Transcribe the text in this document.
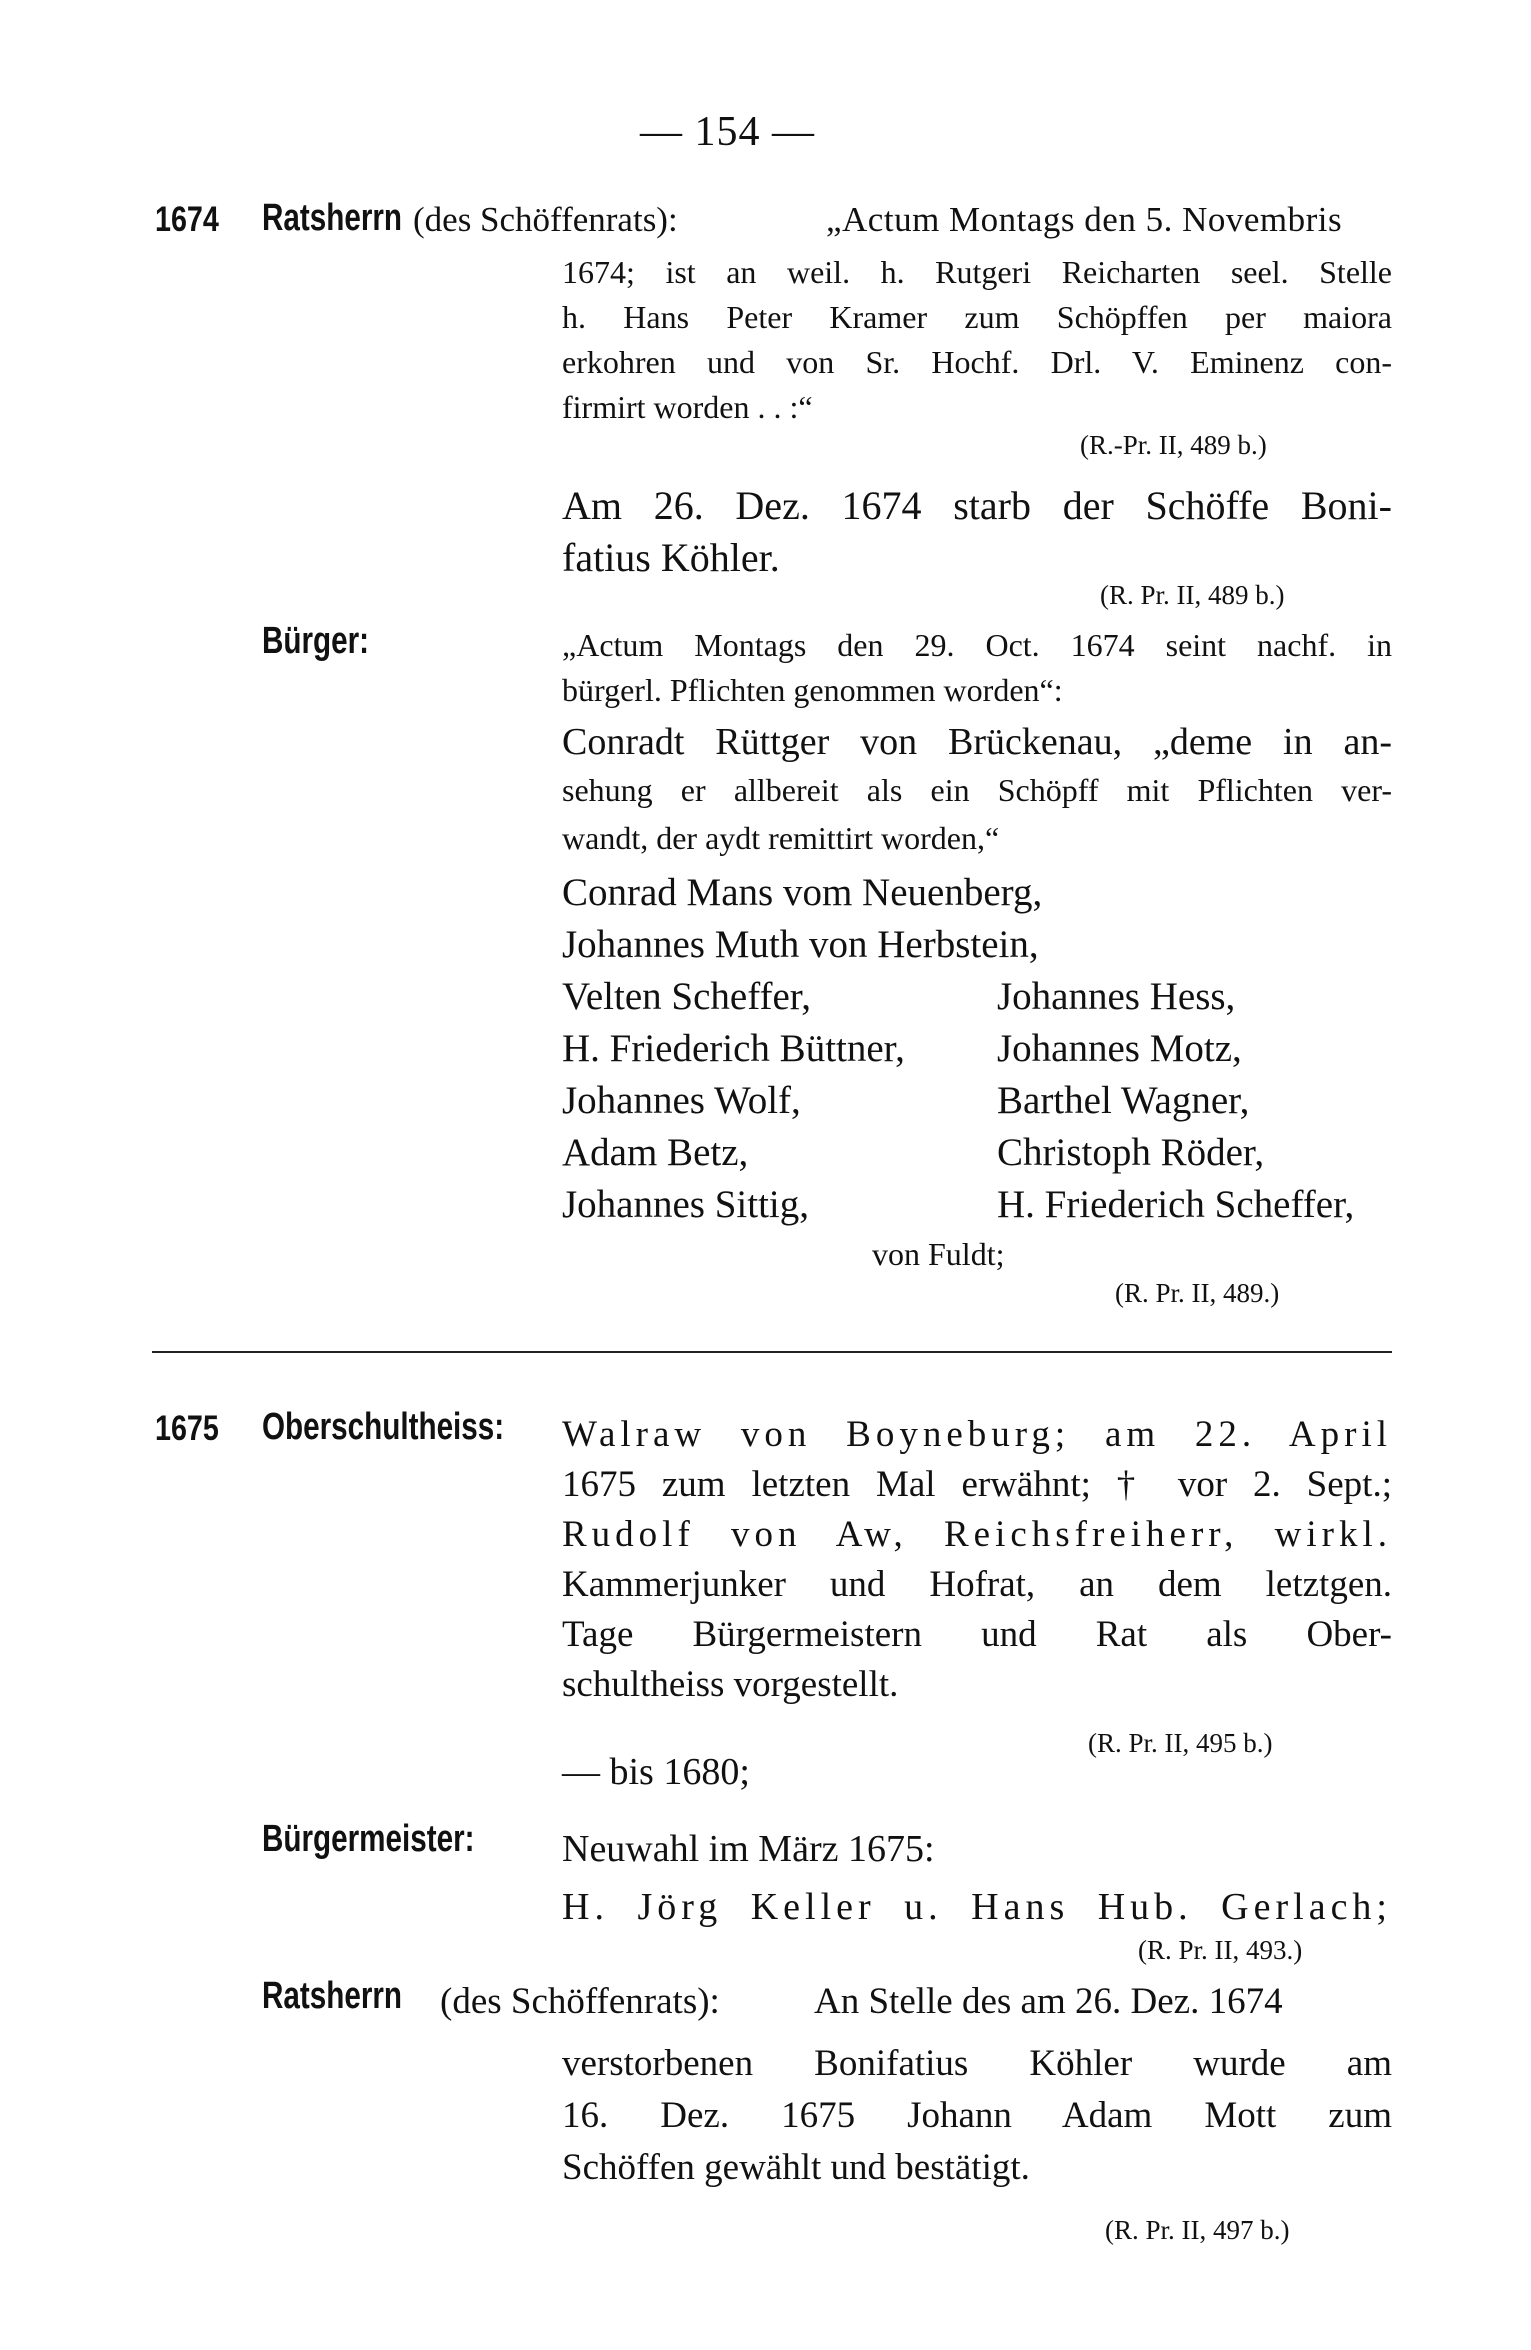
— 154 —
1674 Ratsherrn (des Schöffenrats):	„Actum Montags den 5. Novembris

1674; ist an weil. h. Rutgeri Reicharten seel. Stelle

h. Hans Peter Kramer zum Schöpffen per maiora

erkohren und von Sr. Hochf. Drl. V. Eminenz con-

firmirt worden . . :“

(R.-Pr. II, 489 b.)

Am 26. Dez. 1674 starb der Schöffe Boni-

fatius Köhler.

(R. Pr. II, 489 b.)
Bürger:	„Actum Montags den 29. Oct. 1674 seint nachf. in

bürgerl. Pflichten genommen worden“:

Conradt Rüttger von Brückenau, „deme in an-

sehung er allbereit als ein Schöpff mit Pflichten ver-

wandt, der aydt remittirt worden,“

Conrad Mans vom Neuenberg,
Johannes Muth von Herbstein,
Velten Scheffer,	Johannes Hess,
H. Friederich Büttner, Johannes Motz,
Johannes Wolf,	Barthel Wagner,
Adam Betz,	Christoph Röder,
Johannes Sittig,	H. Friederich Scheffer,
von Fuldt;
(R. Pr. II, 489.)
1675 Oberschultheiss: Walraw von Boyneburg; am 22. April

1675 zum letzten Mal erwähnt; † vor 2. Sept.;

Rudolf von Aw, Reichsfreiherr, wirkl.

Kammerjunker und Hofrat, an dem letztgen.

Tage Bürgermeistern und Rat als Ober-

schultheiss vorgestellt.

(R. Pr. II, 495 b.)
— bis 1680;
Bürgermeister: Neuwahl im März 1675:

H. Jörg Keller u. Hans Hub. Gerlach;

(R. Pr. II, 493.)
Ratsherrn (des Schöffenrats):	An Stelle des am 26. Dez. 1674

verstorbenen Bonifatius Köhler wurde am

16. Dez. 1675 Johann Adam Mott zum

Schöffen gewählt und bestätigt.

(R. Pr. II, 497 b.)
